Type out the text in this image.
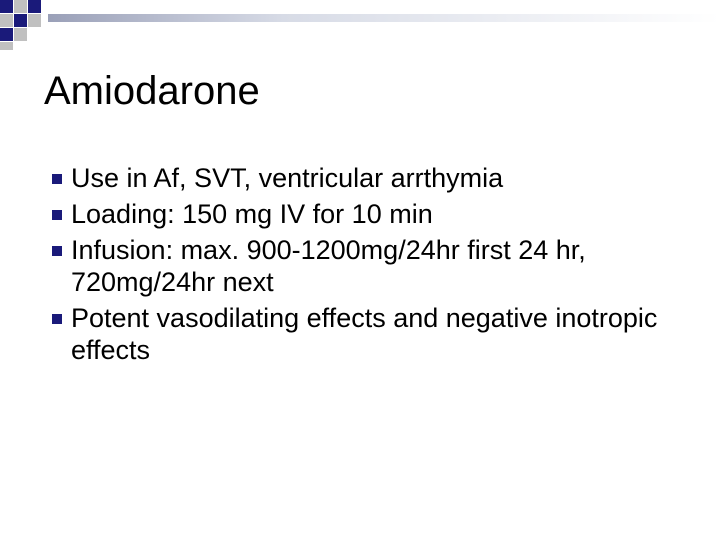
Amiodarone
Use in Af, SVT, ventricular arrthymia
Loading: 150 mg IV for 10 min
Infusion: max. 900-1200mg/24hr first 24 hr, 720mg/24hr next
Potent vasodilating effects and negative inotropic effects
